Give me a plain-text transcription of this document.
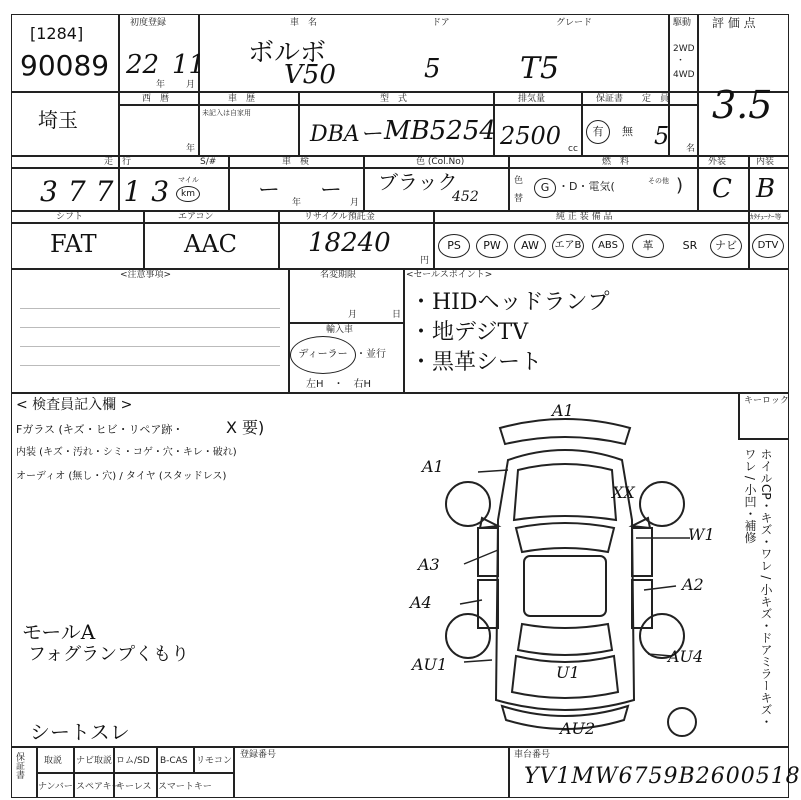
[1284]
90089
初度登録
22 11
年 月
車　名
ボルボ
V50
ドア
5
グレード
T5
駆動
2WD
・
4WD
評 価 点
3.5
埼玉
西　暦	車　歴
未記入は自家用
年
型　式
DBA ー MB5254
排気量
2500 cc
保証書
有	無
定　員
5 名
走　行
37713
マイル
km
S/#	車　検
ー 年 ー 月
色 (Col.No)
ブラック
452
色
替
燃　料
G ・D・電気(	その他 )
外装
C
内装
B
シフト
FAT
エアコン
AAC
リサイクル預託金
18240
円
純 正 装 備 品	ｶﾀﾁｪｰﾅｰ等
PS	PW	AW	エアB	ABS	革	SR	ナビ	DTV
<注意事項>	名変期限
月	日
輸入車
ディーラー ・並行
左H　・　右H
<セールスポイント>
・HIDヘッドランプ
・地デジTV
・黒革シート
< 検査員記入欄 >
Fガラス (キズ・ヒビ・リペア跡・	X 要)
内装 (キズ・汚れ・シミ・コゲ・穴・キレ・破れ)
オーディオ (無し・穴) / タイヤ (スタッドレス)
キーロック
モールA
フォグランプくもり
シートスレ
ホイルCP・キズ・ワレ / 小キズ・ドアミラーキズ・ワレ / 小凹・補修
A1
A1
XX
W1
A3
A2
A4
AU1	U1
AU4
AU2
保証書 取説 ナビ取説 ロム/SD B-CAS リモコン
ナンバー スペアキー
キーレス スマートキー
登録番号	車台番号
YV1MW6759B2600518
